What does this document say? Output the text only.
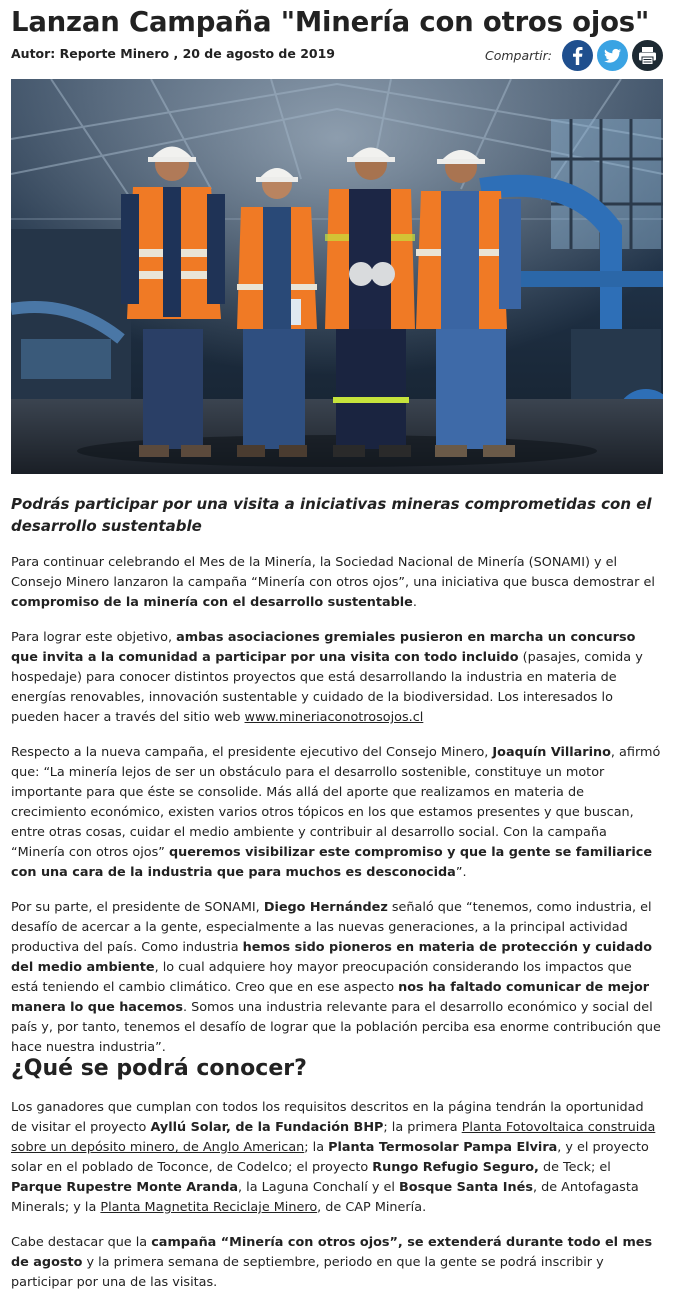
Lanzan Campaña "Minería con otros ojos"
Autor: Reporte Minero , 20 de agosto de 2019	Compartir:

Podrás participar por una visita a iniciativas mineras comprometidas con el desarrollo sustentable

Para continuar celebrando el Mes de la Minería, la Sociedad Nacional de Minería (SONAMI) y el Consejo Minero lanzaron la campaña “Minería con otros ojos”, una iniciativa que busca demostrar el compromiso de la minería con el desarrollo sustentable.

Para lograr este objetivo, ambas asociaciones gremiales pusieron en marcha un concurso que invita a la comunidad a participar por una visita con todo incluido (pasajes, comida y hospedaje) para conocer distintos proyectos que está desarrollando la industria en materia de energías renovables, innovación sustentable y cuidado de la biodiversidad. Los interesados lo pueden hacer a través del sitio web www.mineriaconotrosojos.cl

Respecto a la nueva campaña, el presidente ejecutivo del Consejo Minero, Joaquín Villarino, afirmó que: “La minería lejos de ser un obstáculo para el desarrollo sostenible, constituye un motor importante para que éste se consolide. Más allá del aporte que realizamos en materia de crecimiento económico, existen varios otros tópicos en los que estamos presentes y que buscan, entre otras cosas, cuidar el medio ambiente y contribuir al desarrollo social. Con la campaña “Minería con otros ojos” queremos visibilizar este compromiso y que la gente se familiarice con una cara de la industria que para muchos es desconocida”.

Por su parte, el presidente de SONAMI, Diego Hernández señaló que “tenemos, como industria, el desafío de acercar a la gente, especialmente a las nuevas generaciones, a la principal actividad productiva del país. Como industria hemos sido pioneros en materia de protección y cuidado del medio ambiente, lo cual adquiere hoy mayor preocupación considerando los impactos que está teniendo el cambio climático. Creo que en ese aspecto nos ha faltado comunicar de mejor manera lo que hacemos. Somos una industria relevante para el desarrollo económico y social del país y, por tanto, tenemos el desafío de lograr que la población perciba esa enorme contribución que hace nuestra industria”.

¿Qué se podrá conocer?

Los ganadores que cumplan con todos los requisitos descritos en la página tendrán la oportunidad de visitar el proyecto Ayllú Solar, de la Fundación BHP; la primera Planta Fotovoltaica construida sobre un depósito minero, de Anglo American; la Planta Termosolar Pampa Elvira, y el proyecto solar en el poblado de Toconce, de Codelco; el proyecto Rungo Refugio Seguro, de Teck; el Parque Rupestre Monte Aranda, la Laguna Conchalí y el Bosque Santa Inés, de Antofagasta Minerals; y la Planta Magnetita Reciclaje Minero, de CAP Minería.

Cabe destacar que la campaña “Minería con otros ojos”, se extenderá durante todo el mes de agosto y la primera semana de septiembre, periodo en que la gente se podrá inscribir y participar por una de las visitas.
